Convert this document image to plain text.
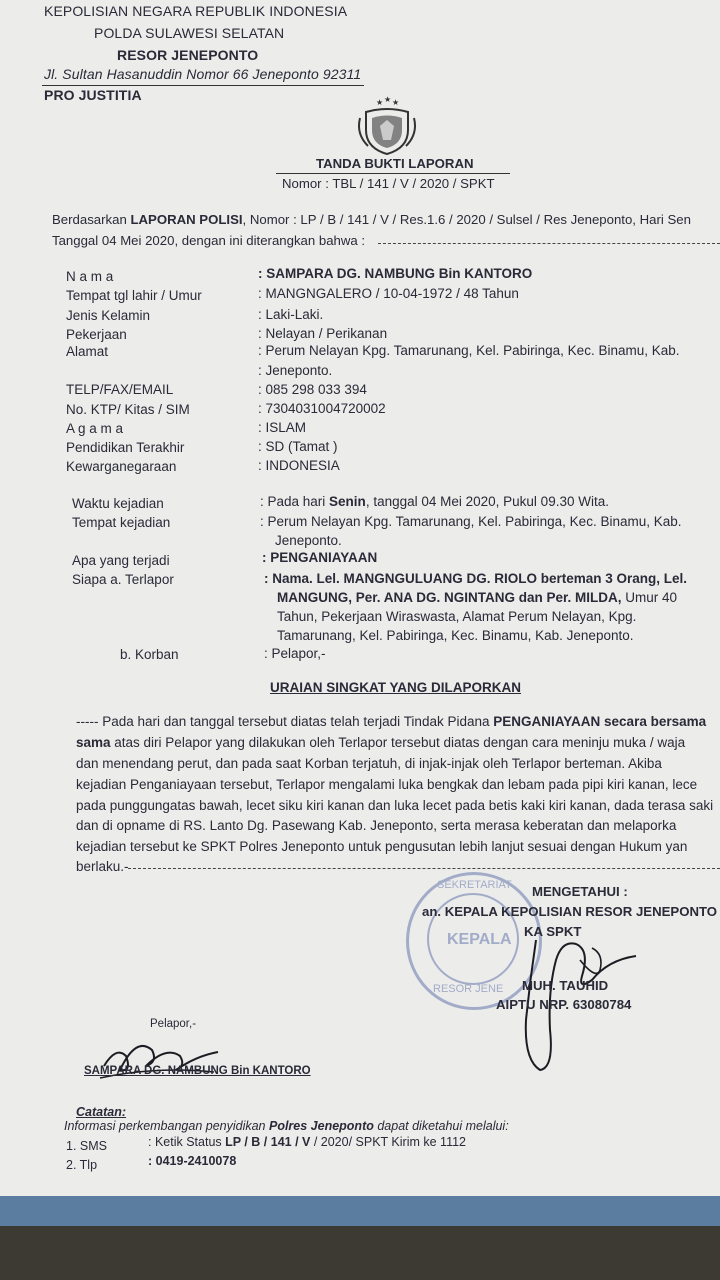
KEPOLISIAN NEGARA REPUBLIK INDONESIA
POLDA SULAWESI SELATAN
RESOR JENEPONTO
Jl. Sultan Hasanuddin Nomor 66 Jeneponto 92311
PRO JUSTITIA	★ ★ ★
TANDA BUKTI LAPORAN
Nomor : TBL / 141 / V / 2020 / SPKT
Berdasarkan LAPORAN POLISI, Nomor : LP / B / 141 / V / Res.1.6 / 2020 / Sulsel / Res Jeneponto, Hari Sen
Tanggal 04 Mei 2020, dengan ini diterangkan bahwa :
N a m a	: SAMPARA DG. NAMBUNG Bin KANTORO
Tempat tgl lahir / Umur	: MANGNGALERO / 10-04-1972 / 48 Tahun
Jenis Kelamin	: Laki-Laki.
Pekerjaan	: Nelayan / Perikanan
Alamat	: Perum Nelayan Kpg. Tamarunang, Kel. Pabiringa, Kec. Binamu, Kab.
: Jeneponto.
TELP/FAX/EMAIL	: 085 298 033 394
No. KTP/ Kitas / SIM	: 7304031004720002
A g a m a	: ISLAM
Pendidikan Terakhir	: SD (Tamat )
Kewarganegaraan	: INDONESIA
Waktu kejadian	: Pada hari Senin, tanggal 04 Mei 2020, Pukul 09.30 Wita.
Tempat kejadian	: Perum Nelayan Kpg. Tamarunang, Kel. Pabiringa, Kec. Binamu, Kab.
Jeneponto.
Apa yang terjadi	: PENGANIAYAAN
Siapa a. Terlapor	: Nama. Lel. MANGNGULUANG DG. RIOLO berteman 3 Orang, Lel.
MANGUNG, Per. ANA DG. NGINTANG dan Per. MILDA, Umur 40
Tahun, Pekerjaan Wiraswasta, Alamat Perum Nelayan, Kpg.
Tamarunang, Kel. Pabiringa, Kec. Binamu, Kab. Jeneponto.
b. Korban	: Pelapor,-
URAIAN SINGKAT YANG DILAPORKAN
----- Pada hari dan tanggal tersebut diatas telah terjadi Tindak Pidana PENGANIAYAAN secara bersama
sama atas diri Pelapor yang dilakukan oleh Terlapor tersebut diatas dengan cara meninju muka / waja
dan menendang perut, dan pada saat Korban terjatuh, di injak-injak oleh Terlapor berteman. Akiba
kejadian Penganiayaan tersebut, Terlapor mengalami luka bengkak dan lebam pada pipi kiri kanan, lece
pada punggungatas bawah, lecet siku kiri kanan dan luka lecet pada betis kaki kiri kanan, dada terasa saki
dan di opname di RS. Lanto Dg. Pasewang Kab. Jeneponto, serta merasa keberatan dan melaporka
kejadian tersebut ke SPKT Polres Jeneponto untuk pengusutan lebih lanjut sesuai dengan Hukum yan
berlaku.-
SEKRETARIAT
KEPALA
RESOR JENE
MENGETAHUI :
an. KEPALA KEPOLISIAN RESOR JENEPONTO
KA SPKT
MUH. TAUHID
AIPTU NRP. 63080784
Pelapor,-
SAMPARA DG. NAMBUNG Bin KANTORO
Catatan:
Informasi perkembangan penyidikan Polres Jeneponto dapat diketahui melalui:
1. SMS	: Ketik Status LP / B / 141 / V / 2020/ SPKT Kirim ke 1112
2. Tlp	: 0419-2410078
